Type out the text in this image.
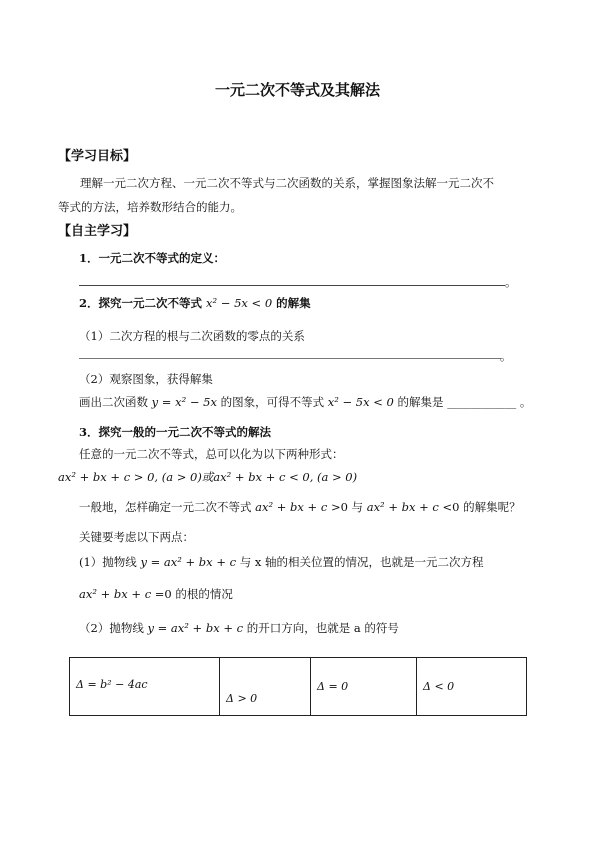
一元二次不等式及其解法
【学习目标】
理解一元二次方程、一元二次不等式与二次函数的关系，掌握图象法解一元二次不
等式的方法，培养数形结合的能力。
【自主学习】
1．一元二次不等式的定义：
。
2．探究一元二次不等式 x² − 5x < 0 的解集
（1）二次方程的根与二次函数的零点的关系
。
（2）观察图象，获得解集
画出二次函数 y = x² − 5x 的图象，可得不等式 x² − 5x < 0 的解集是 ____________ 。
3．探究一般的一元二次不等式的解法
任意的一元二次不等式，总可以化为以下两种形式：
ax² + bx + c > 0, (a > 0)或ax² + bx + c < 0, (a > 0)
一般地，怎样确定一元二次不等式 ax² + bx + c >0 与 ax² + bx + c <0 的解集呢？
关键要考虑以下两点：
(1）抛物线 y = ax² + bx + c 与 x 轴的相关位置的情况，也就是一元二次方程
ax² + bx + c =0 的根的情况
（2）抛物线 y = ax² + bx + c 的开口方向，也就是 a 的符号
Δ = b² − 4ac	Δ > 0	Δ = 0	Δ < 0
